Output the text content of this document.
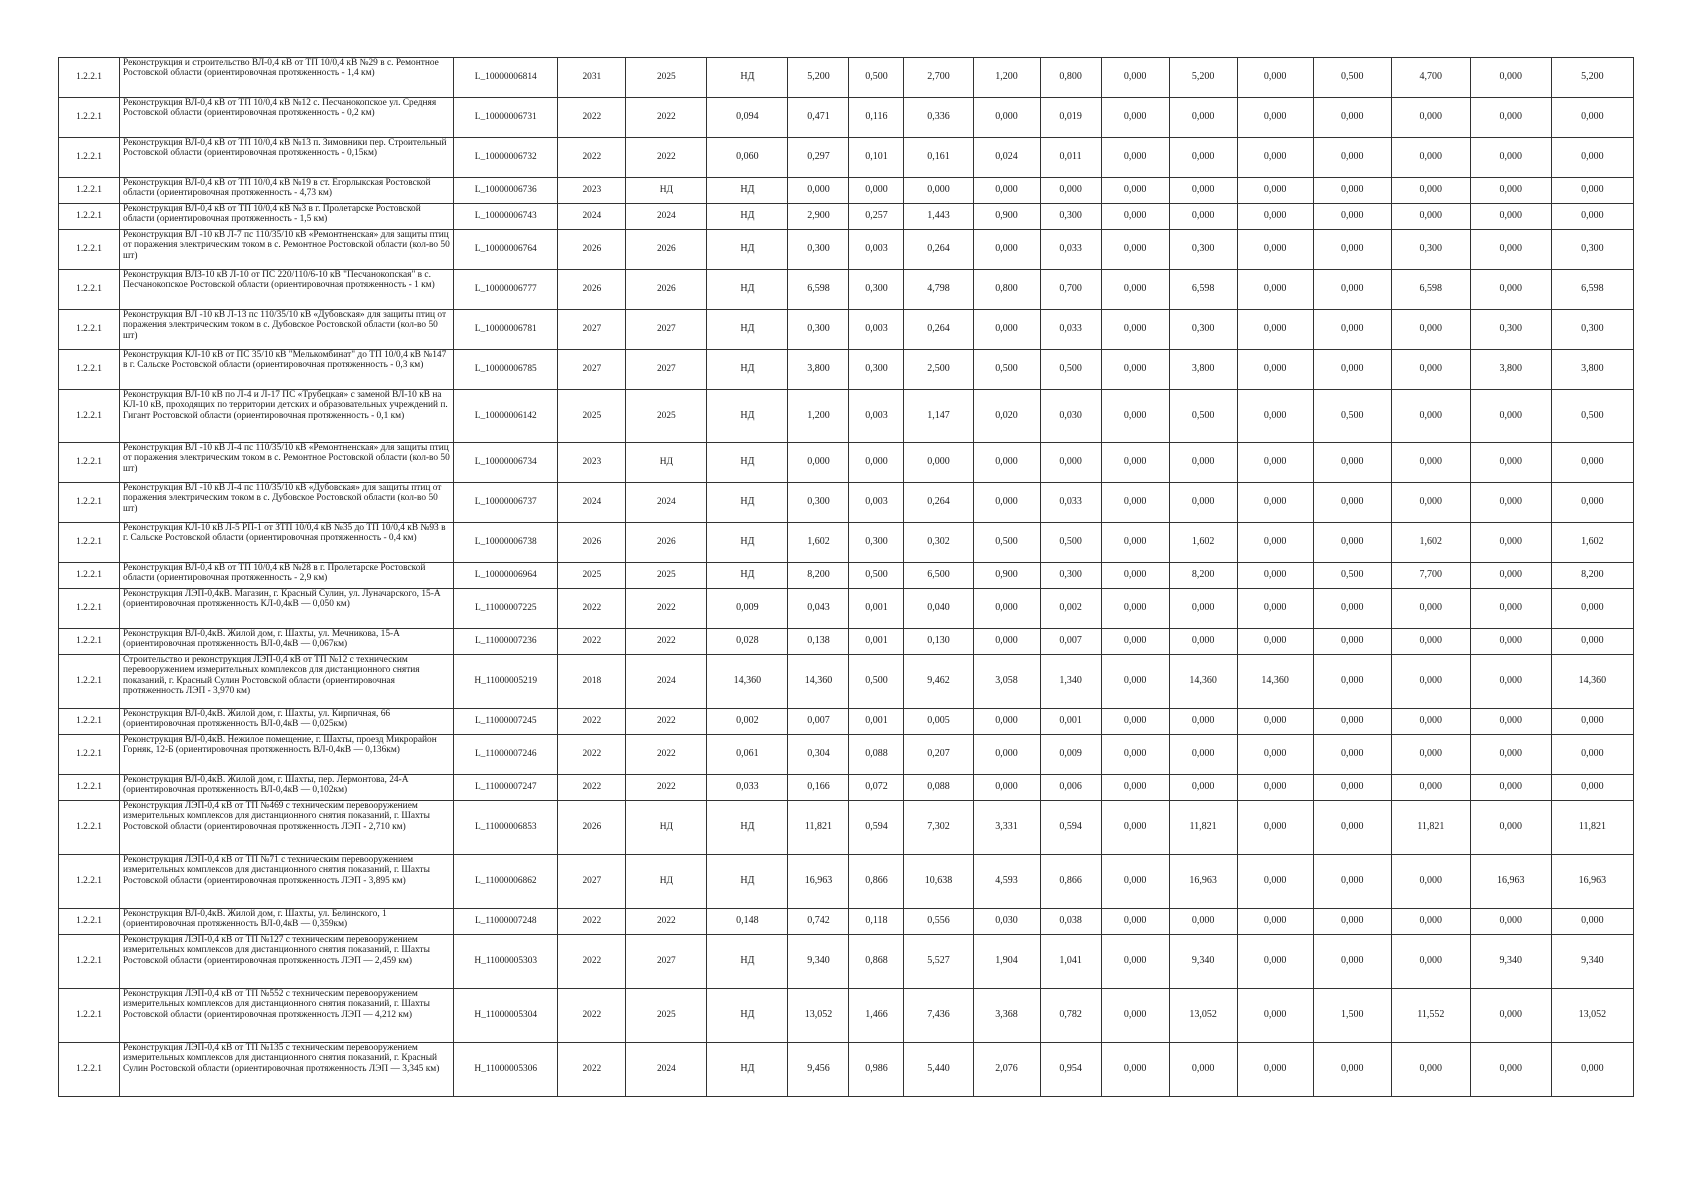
1.2.2.1	Реконструкция и строительство ВЛ-0,4 кВ от ТП 10/0,4 кВ №29 в с. Ремонтное Ростовской области (ориентировочная протяженность - 1,4 км)	L_10000006814	2031	2025	НД	5,200	0,500	2,700	1,200	0,800	0,000	5,200	0,000	0,500	4,700	0,000	5,200
1.2.2.1	Реконструкция ВЛ-0,4 кВ от ТП 10/0,4 кВ №12 с. Песчанокопское ул. Средняя Ростовской области (ориентировочная протяженность - 0,2 км)	L_10000006731	2022	2022	0,094	0,471	0,116	0,336	0,000	0,019	0,000	0,000	0,000	0,000	0,000	0,000	0,000
1.2.2.1	Реконструкция ВЛ-0,4 кВ от ТП 10/0,4 кВ №13 п. Зимовники пер. Строительный Ростовской области (ориентировочная протяженность - 0,15км)	L_10000006732	2022	2022	0,060	0,297	0,101	0,161	0,024	0,011	0,000	0,000	0,000	0,000	0,000	0,000	0,000
1.2.2.1	Реконструкция ВЛ-0,4 кВ от ТП 10/0,4 кВ №19 в ст. Егорлыкская Ростовской области (ориентировочная протяженность - 4,73 км)	L_10000006736	2023	НД	НД	0,000	0,000	0,000	0,000	0,000	0,000	0,000	0,000	0,000	0,000	0,000	0,000
1.2.2.1	Реконструкция ВЛ-0,4 кВ от ТП 10/0,4 кВ №3 в г. Пролетарске Ростовской области (ориентировочная протяженность - 1,5 км)	L_10000006743	2024	2024	НД	2,900	0,257	1,443	0,900	0,300	0,000	0,000	0,000	0,000	0,000	0,000	0,000
1.2.2.1	Реконструкция ВЛ -10 кВ Л-7 пс 110/35/10 кВ «Ремонтненская» для защиты птиц от поражения электрическим током в с. Ремонтное Ростовской области (кол-во 50 шт)	L_10000006764	2026	2026	НД	0,300	0,003	0,264	0,000	0,033	0,000	0,300	0,000	0,000	0,300	0,000	0,300
1.2.2.1	Реконструкция ВЛЗ-10 кВ Л-10 от ПС 220/110/6-10 кВ "Песчанокопская" в с. Песчанокопское Ростовской области (ориентировочная протяженность - 1 км)	L_10000006777	2026	2026	НД	6,598	0,300	4,798	0,800	0,700	0,000	6,598	0,000	0,000	6,598	0,000	6,598
1.2.2.1	Реконструкция ВЛ -10 кВ Л-13 пс 110/35/10 кВ «Дубовская» для защиты птиц от поражения электрическим током в с. Дубовское Ростовской области (кол-во 50 шт)	L_10000006781	2027	2027	НД	0,300	0,003	0,264	0,000	0,033	0,000	0,300	0,000	0,000	0,000	0,300	0,300
1.2.2.1	Реконструкция КЛ-10 кВ от ПС 35/10 кВ "Мелькомбинат" до ТП 10/0,4 кВ №147 в г. Сальске Ростовской области (ориентировочная протяженность - 0,3 км)	L_10000006785	2027	2027	НД	3,800	0,300	2,500	0,500	0,500	0,000	3,800	0,000	0,000	0,000	3,800	3,800
1.2.2.1	Реконструкция ВЛ-10 кВ по Л-4 и Л-17 ПС «Трубецкая» с заменой ВЛ-10 кВ на КЛ-10 кВ, проходящих по территории детских и образовательных учреждений п. Гигант Ростовской области (ориентировочная протяженность - 0,1 км)	L_10000006142	2025	2025	НД	1,200	0,003	1,147	0,020	0,030	0,000	0,500	0,000	0,500	0,000	0,000	0,500
1.2.2.1	Реконструкция ВЛ -10 кВ Л-4 пс 110/35/10 кВ «Ремонтненская» для защиты птиц от поражения электрическим током в с. Ремонтное Ростовской области (кол-во 50 шт)	L_10000006734	2023	НД	НД	0,000	0,000	0,000	0,000	0,000	0,000	0,000	0,000	0,000	0,000	0,000	0,000
1.2.2.1	Реконструкция ВЛ -10 кВ Л-4 пс 110/35/10 кВ «Дубовская» для защиты птиц от поражения электрическим током в с. Дубовское Ростовской области (кол-во 50 шт)	L_10000006737	2024	2024	НД	0,300	0,003	0,264	0,000	0,033	0,000	0,000	0,000	0,000	0,000	0,000	0,000
1.2.2.1	Реконструкция КЛ-10 кВ Л-5 РП-1 от ЗТП 10/0,4 кВ №35 до ТП 10/0,4 кВ №93 в г. Сальске Ростовской области (ориентировочная протяженность - 0,4 км)	L_10000006738	2026	2026	НД	1,602	0,300	0,302	0,500	0,500	0,000	1,602	0,000	0,000	1,602	0,000	1,602
1.2.2.1	Реконструкция ВЛ-0,4 кВ от ТП 10/0,4 кВ №28 в г. Пролетарске Ростовской области (ориентировочная протяженность - 2,9 км)	L_10000006964	2025	2025	НД	8,200	0,500	6,500	0,900	0,300	0,000	8,200	0,000	0,500	7,700	0,000	8,200
1.2.2.1	Реконструкция ЛЭП-0,4кВ. Магазин, г. Красный Сулин, ул. Луначарского, 15-А (ориентировочная протяженность КЛ-0,4кВ — 0,050 км)	L_11000007225	2022	2022	0,009	0,043	0,001	0,040	0,000	0,002	0,000	0,000	0,000	0,000	0,000	0,000	0,000
1.2.2.1	Реконструкция ВЛ-0,4кВ. Жилой дом, г. Шахты, ул. Мечникова, 15-А (ориентировочная протяженность ВЛ-0,4кВ — 0,067км)	L_11000007236	2022	2022	0,028	0,138	0,001	0,130	0,000	0,007	0,000	0,000	0,000	0,000	0,000	0,000	0,000
1.2.2.1	Строительство и реконструкция ЛЭП-0,4 кВ от ТП №12 с техническим перевооружением измерительных комплексов для дистанционного снятия показаний, г. Красный Сулин Ростовской области (ориентировочная протяженность ЛЭП - 3,970 км)	H_11000005219	2018	2024	14,360	14,360	0,500	9,462	3,058	1,340	0,000	14,360	14,360	0,000	0,000	0,000	14,360
1.2.2.1	Реконструкция ВЛ-0,4кВ. Жилой дом, г. Шахты, ул. Кирпичная, 66 (ориентировочная протяженность ВЛ-0,4кВ — 0,025км)	L_11000007245	2022	2022	0,002	0,007	0,001	0,005	0,000	0,001	0,000	0,000	0,000	0,000	0,000	0,000	0,000
1.2.2.1	Реконструкция ВЛ-0,4кВ. Нежилое помещение, г. Шахты, проезд Микрорайон Горняк, 12-Б (ориентировочная протяженность ВЛ-0,4кВ — 0,136км)	L_11000007246	2022	2022	0,061	0,304	0,088	0,207	0,000	0,009	0,000	0,000	0,000	0,000	0,000	0,000	0,000
1.2.2.1	Реконструкция ВЛ-0,4кВ. Жилой дом, г. Шахты, пер. Лермонтова, 24-А (ориентировочная протяженность ВЛ-0,4кВ — 0,102км)	L_11000007247	2022	2022	0,033	0,166	0,072	0,088	0,000	0,006	0,000	0,000	0,000	0,000	0,000	0,000	0,000
1.2.2.1	Реконструкция ЛЭП-0,4 кВ от ТП №469 с техническим перевооружением измерительных комплексов для дистанционного снятия показаний, г. Шахты Ростовской области (ориентировочная протяженность ЛЭП - 2,710 км)	L_11000006853	2026	НД	НД	11,821	0,594	7,302	3,331	0,594	0,000	11,821	0,000	0,000	11,821	0,000	11,821
1.2.2.1	Реконструкция ЛЭП-0,4 кВ от ТП №71 с техническим перевооружением измерительных комплексов для дистанционного снятия показаний, г. Шахты Ростовской области (ориентировочная протяженность ЛЭП - 3,895 км)	L_11000006862	2027	НД	НД	16,963	0,866	10,638	4,593	0,866	0,000	16,963	0,000	0,000	0,000	16,963	16,963
1.2.2.1	Реконструкция ВЛ-0,4кВ. Жилой дом, г. Шахты, ул. Белинского, 1 (ориентировочная протяженность ВЛ-0,4кВ — 0,359км)	L_11000007248	2022	2022	0,148	0,742	0,118	0,556	0,030	0,038	0,000	0,000	0,000	0,000	0,000	0,000	0,000
1.2.2.1	Реконструкция ЛЭП-0,4 кВ от ТП №127 с техническим перевооружением измерительных комплексов для дистанционного снятия показаний, г. Шахты Ростовской области (ориентировочная протяженность ЛЭП — 2,459 км)	H_11000005303	2022	2027	НД	9,340	0,868	5,527	1,904	1,041	0,000	9,340	0,000	0,000	0,000	9,340	9,340
1.2.2.1	Реконструкция ЛЭП-0,4 кВ от ТП №552 с техническим перевооружением измерительных комплексов для дистанционного снятия показаний, г. Шахты Ростовской области (ориентировочная протяженность ЛЭП — 4,212 км)	H_11000005304	2022	2025	НД	13,052	1,466	7,436	3,368	0,782	0,000	13,052	0,000	1,500	11,552	0,000	13,052
1.2.2.1	Реконструкция ЛЭП-0,4 кВ от ТП №135 с техническим перевооружением измерительных комплексов для дистанционного снятия показаний, г. Красный Сулин Ростовской области (ориентировочная протяженность ЛЭП — 3,345 км)	H_11000005306	2022	2024	НД	9,456	0,986	5,440	2,076	0,954	0,000	0,000	0,000	0,000	0,000	0,000	0,000
